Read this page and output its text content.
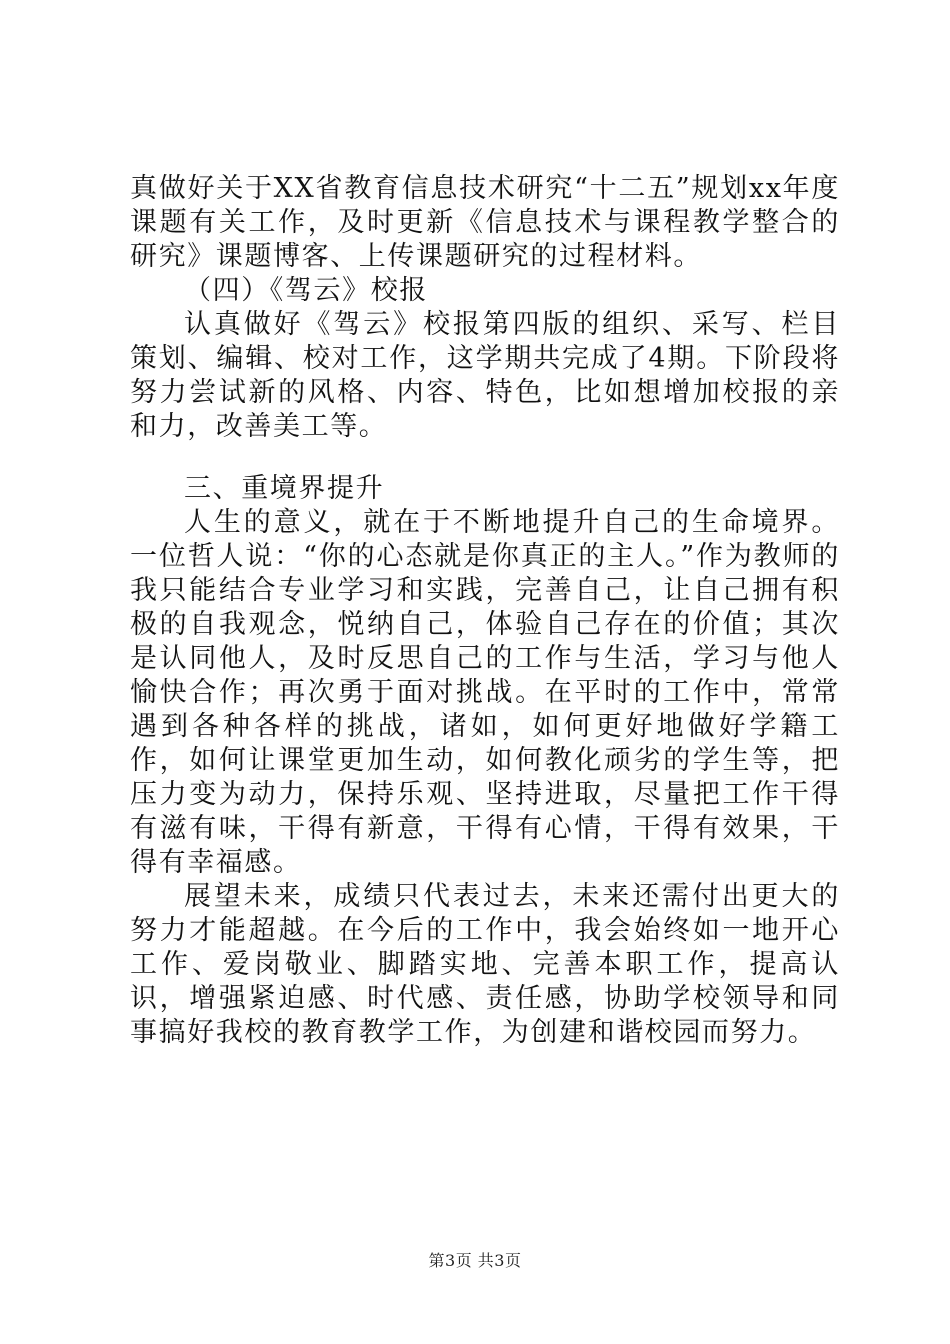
真做好关于XX省教育信息技术研究“十二五”规划xx年度课题有关工作，及时更新《信息技术与课程教学整合的研究》课题博客、上传课题研究的过程材料。

（四）《驾云》校报

认真做好《驾云》校报第四版的组织、采写、栏目策划、编辑、校对工作，这学期共完成了4期。下阶段将努力尝试新的风格、内容、特色，比如想增加校报的亲和力，改善美工等。

三、重境界提升

人生的意义，就在于不断地提升自己的生命境界。一位哲人说：“你的心态就是你真正的主人。”作为教师的我只能结合专业学习和实践，完善自己，让自己拥有积极的自我观念，悦纳自己，体验自己存在的价值；其次是认同他人，及时反思自己的工作与生活，学习与他人愉快合作；再次勇于面对挑战。在平时的工作中，常常遇到各种各样的挑战，诸如，如何更好地做好学籍工作，如何让课堂更加生动，如何教化顽劣的学生等，把压力变为动力，保持乐观、坚持进取，尽量把工作干得有滋有味，干得有新意，干得有心情，干得有效果，干得有幸福感。

展望未来，成绩只代表过去，未来还需付出更大的努力才能超越。在今后的工作中，我会始终如一地开心工作、爱岗敬业、脚踏实地、完善本职工作，提高认识，增强紧迫感、时代感、责任感，协助学校领导和同事搞好我校的教育教学工作，为创建和谐校园而努力。

第3页 共3页
